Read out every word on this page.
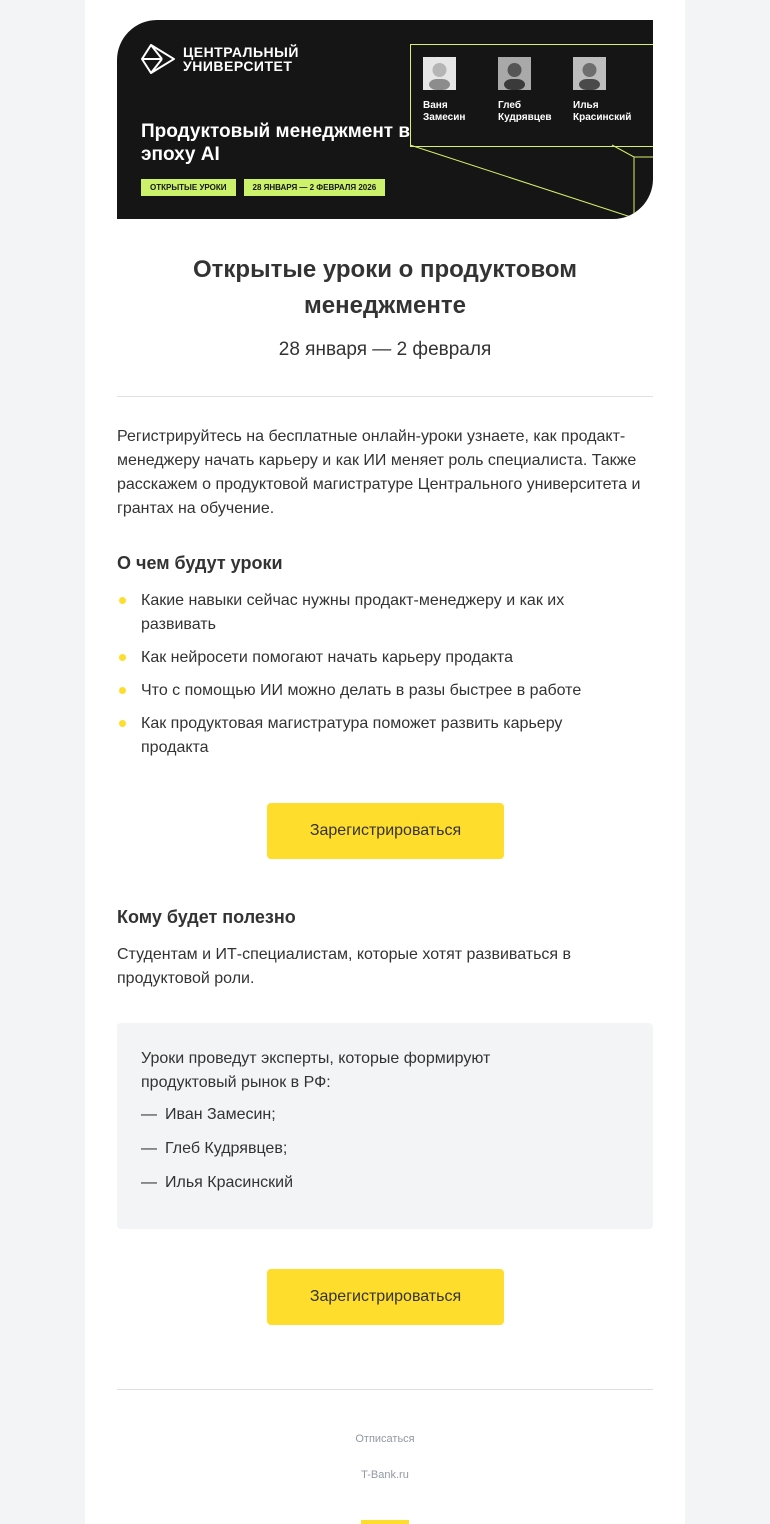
ЦЕНТРАЛЬНЫЙ
УНИВЕРСИТЕТ
Продуктовый менеджмент в эпоху AI
ОТКРЫТЫЕ УРОКИ	28 ЯНВАРЯ — 2 ФЕВРАЛЯ 2026
Ваня
Замесин
Глеб
Кудрявцев
Илья
Красинский
Открытые уроки о продуктовом менеджменте
28 января — 2 февраля
Регистрируйтесь на бесплатные онлайн-уроки узнаете, как продакт-менеджеру начать карьеру и как ИИ меняет роль специалиста. Также расскажем о продуктовой магистратуре Центрального университета и грантах на обучение.
О чем будут уроки
Какие навыки сейчас нужны продакт-менеджеру и как их развивать
Как нейросети помогают начать карьеру продакта
Что с помощью ИИ можно делать в разы быстрее в работе
Как продуктовая магистратура поможет развить карьеру продакта
Зарегистрироваться
Кому будет полезно
Студентам и ИТ-специалистам, которые хотят развиваться в продуктовой роли.
Уроки проведут эксперты, которые формируют продуктовый рынок в РФ:
— Иван Замесин;
— Глеб Кудрявцев;
— Илья Красинский
Зарегистрироваться
Отписаться
T-Bank.ru
